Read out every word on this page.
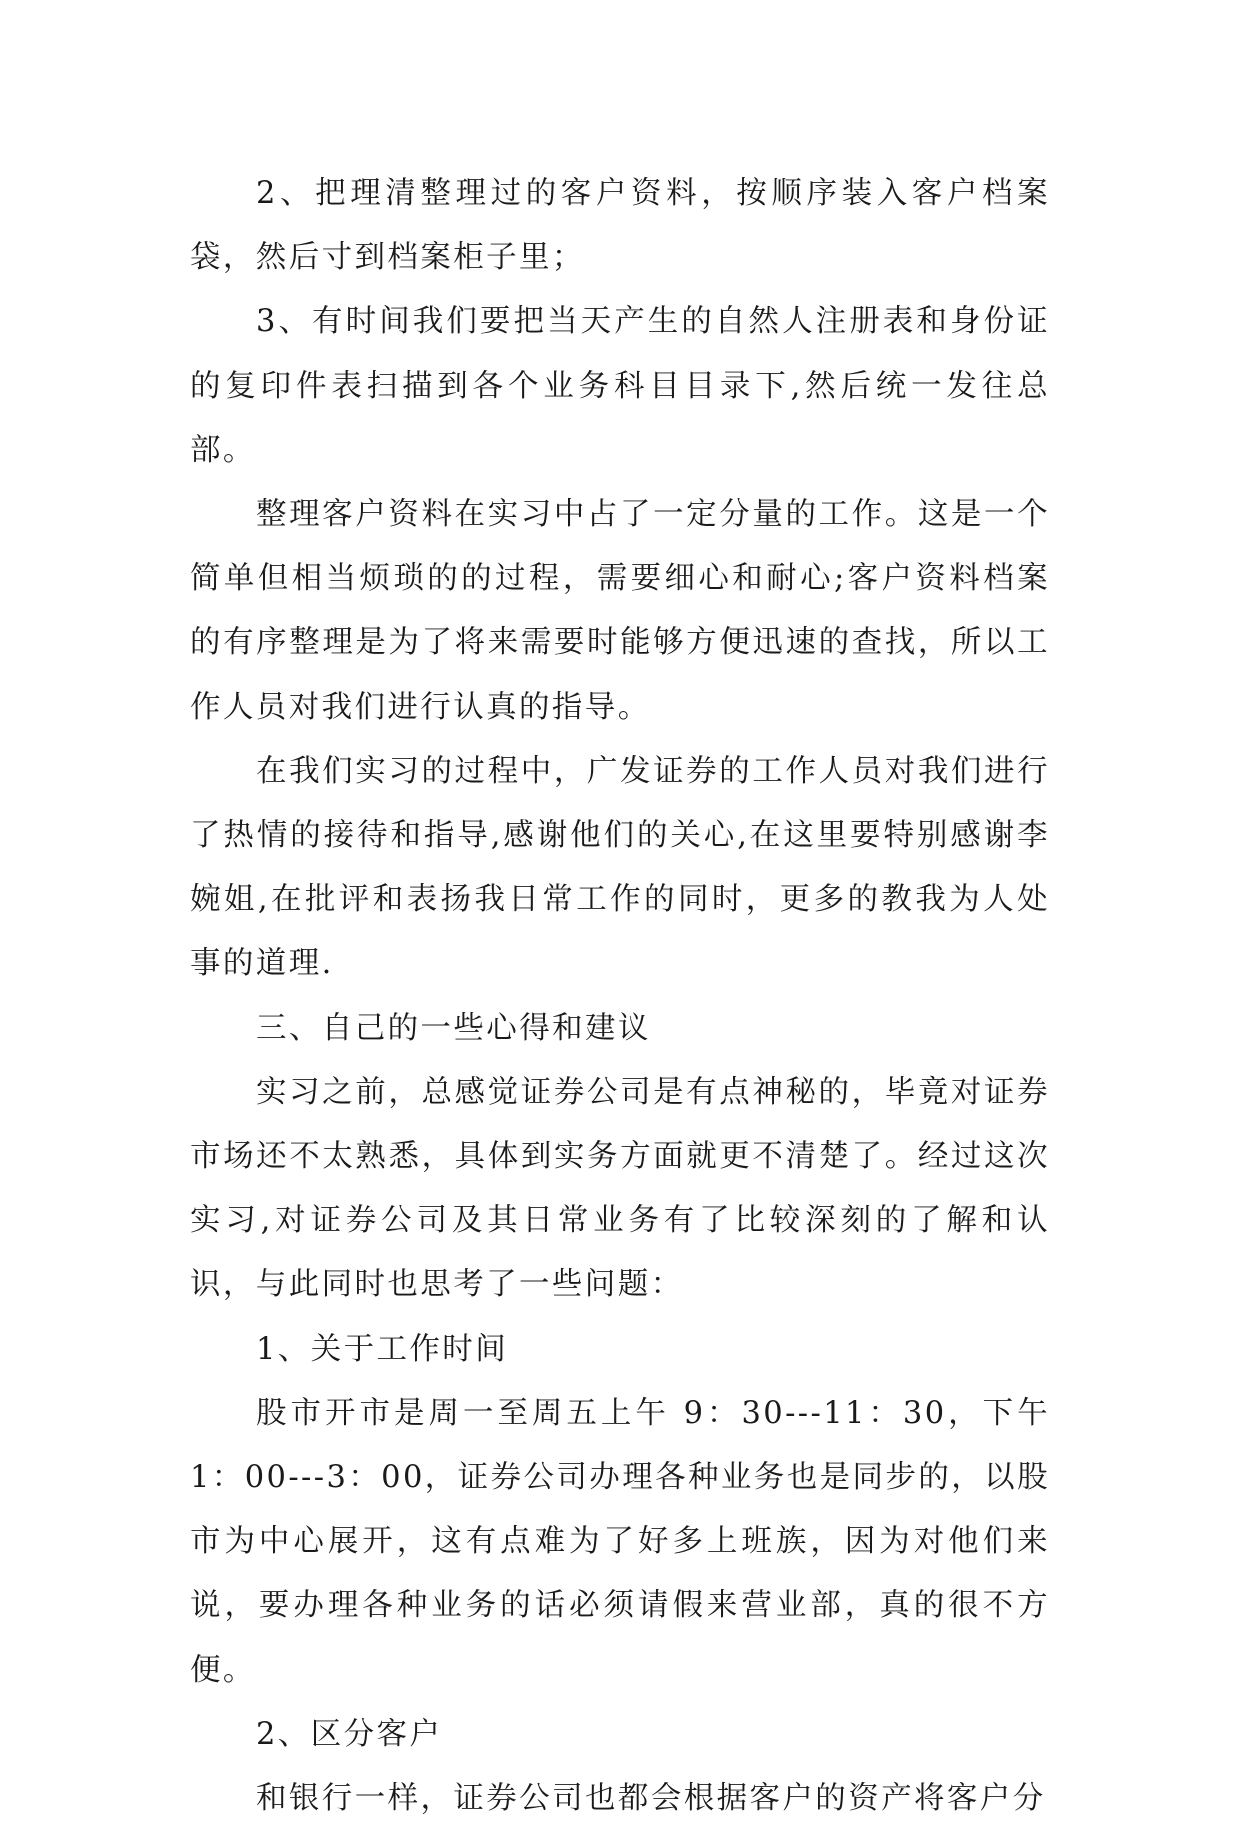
2、把理清整理过的客户资料，按顺序装入客户档案袋，然后寸到档案柜子里；

3、有时间我们要把当天产生的自然人注册表和身份证的复印件表扫描到各个业务科目目录下,然后统一发往总部。

整理客户资料在实习中占了一定分量的工作。这是一个简单但相当烦琐的的过程，需要细心和耐心;客户资料档案的有序整理是为了将来需要时能够方便迅速的查找，所以工作人员对我们进行认真的指导。

在我们实习的过程中，广发证券的工作人员对我们进行了热情的接待和指导,感谢他们的关心,在这里要特别感谢李婉姐,在批评和表扬我日常工作的同时，更多的教我为人处事的道理.

三、自己的一些心得和建议

实习之前，总感觉证券公司是有点神秘的，毕竟对证券市场还不太熟悉，具体到实务方面就更不清楚了。经过这次实习,对证券公司及其日常业务有了比较深刻的了解和认识，与此同时也思考了一些问题：

1、关于工作时间

股市开市是周一至周五上午 9：30---11：30，下午 1：00---3：00，证券公司办理各种业务也是同步的，以股市为中心展开，这有点难为了好多上班族，因为对他们来说，要办理各种业务的话必须请假来营业部，真的很不方便。

2、区分客户

和银行一样，证券公司也都会根据客户的资产将客户分
